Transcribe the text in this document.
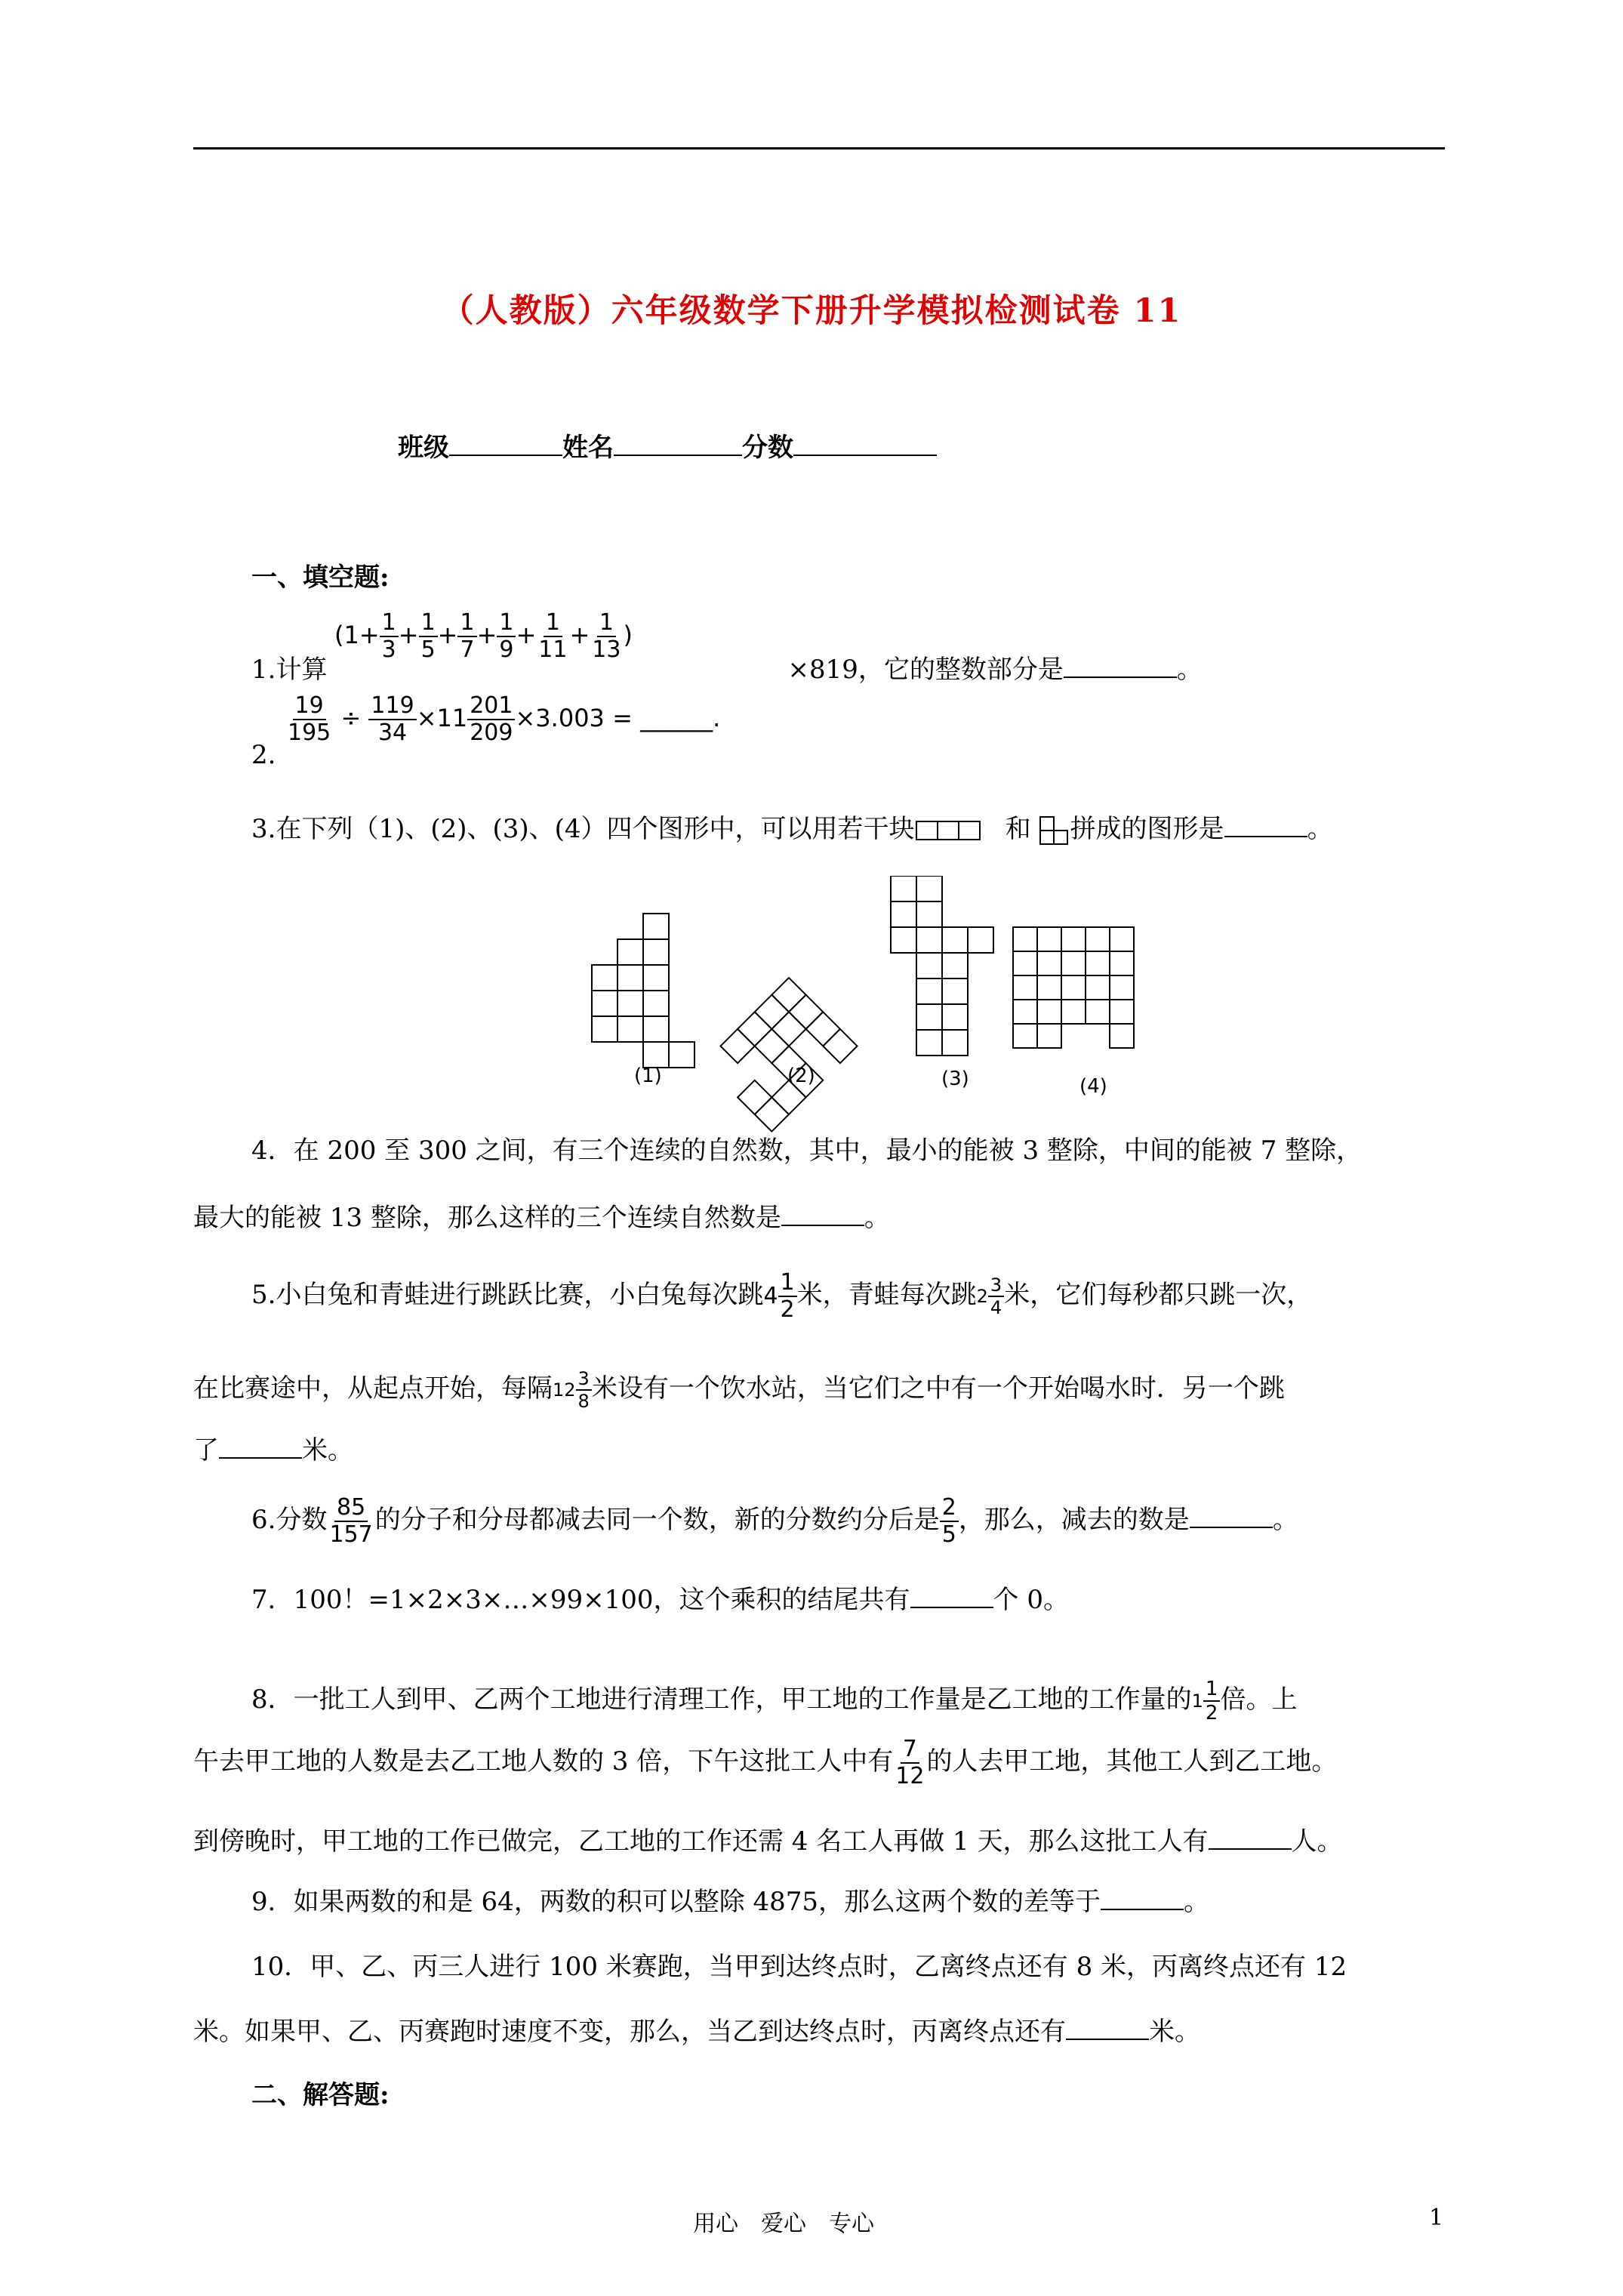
（人教版）六年级数学下册升学模拟检测试卷 11
班级	姓名	分数
一、填空题:
($1+ \frac{1}{3} + \frac{1}{5} + \frac{1}{7} + \frac{1}{9} + \frac{1}{11} + \frac{1}{13}$ )
1.计算	×819，它的整数部分是	。
$\frac{19}{195} \div \frac{119}{34} \times 11 \frac{201}{209} \times 3.003$ = ______.
2.
3.在下列（1)、(2)、(3)、(4）四个图形中，可以用若干块	和 拼成的图形是	。
(1)	(2)	(3)	(4)
4．在 200 至 300 之间，有三个连续的自然数，其中，最小的能被 3 整除，中间的能被 7 整除，
最大的能被 13 整除，那么这样的三个连续自然数是	。
5.小白兔和青蛙进行跳跃比赛，小白兔每次跳$4 \frac{1}{2}$ 米，青蛙每次跳$2 \frac{3}{4}$ 米，它们每秒都只跳一次，
在比赛途中，从起点开始，每隔$12 \frac{3}{8}$ 米设有一个饮水站，当它们之中有一个开始喝水时．另一个跳
了	米。
6.分数 $\frac{85}{157}$ 的分子和分母都减去同一个数，新的分数约分后是 $\frac{2}{5}$ ，那么，减去的数是	。
7．100！=1×2×3×…×99×100，这个乘积的结尾共有	个 0。
8．一批工人到甲、乙两个工地进行清理工作，甲工地的工作量是乙工地的工作量的$1 \frac{1}{2}$ 倍。上
午去甲工地的人数是去乙工地人数的 3 倍，下午这批工人中有 $\frac{7}{12}$ 的人去甲工地，其他工人到乙工地。
到傍晚时，甲工地的工作已做完，乙工地的工作还需 4 名工人再做 1 天，那么这批工人有	人。
9．如果两数的和是 64，两数的积可以整除 4875，那么这两个数的差等于	。
10．甲、乙、丙三人进行 100 米赛跑，当甲到达终点时，乙离终点还有 8 米，丙离终点还有 12
米。如果甲、乙、丙赛跑时速度不变，那么，当乙到达终点时，丙离终点还有	米。
二、解答题:
用心　爱心　专心	1
